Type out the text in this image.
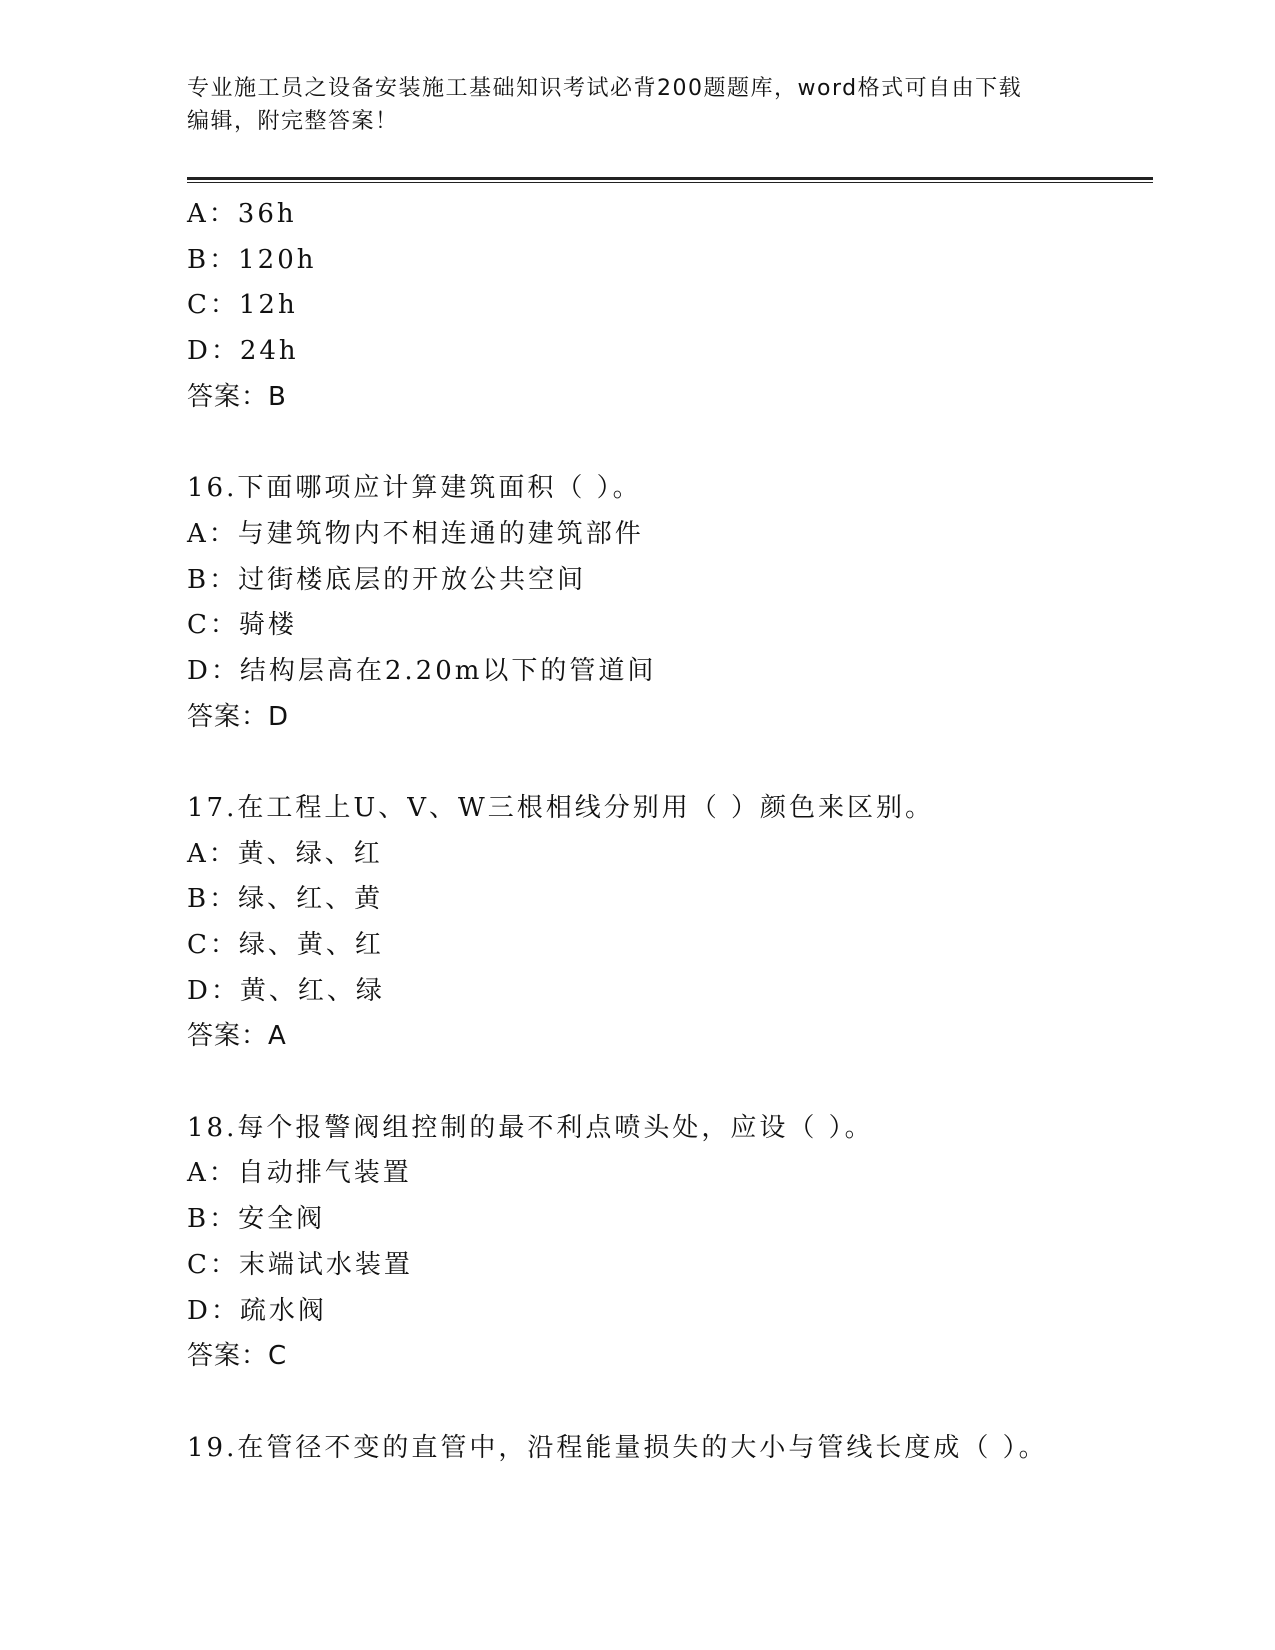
专业施工员之设备安装施工基础知识考试必背200题题库，word格式可自由下载
编辑，附完整答案！
A：36h
B：120h
C：12h
D：24h
答案：B
16.下面哪项应计算建筑面积（ ）。
A：与建筑物内不相连通的建筑部件
B：过街楼底层的开放公共空间
C：骑楼
D：结构层高在2.20m以下的管道间
答案：D
17.在工程上U、V、W三根相线分别用（ ）颜色来区别。
A：黄、绿、红
B：绿、红、黄
C：绿、黄、红
D：黄、红、绿
答案：A
18.每个报警阀组控制的最不利点喷头处，应设（ ）。
A：自动排气装置
B：安全阀
C：末端试水装置
D：疏水阀
答案：C
19.在管径不变的直管中，沿程能量损失的大小与管线长度成（ ）。
